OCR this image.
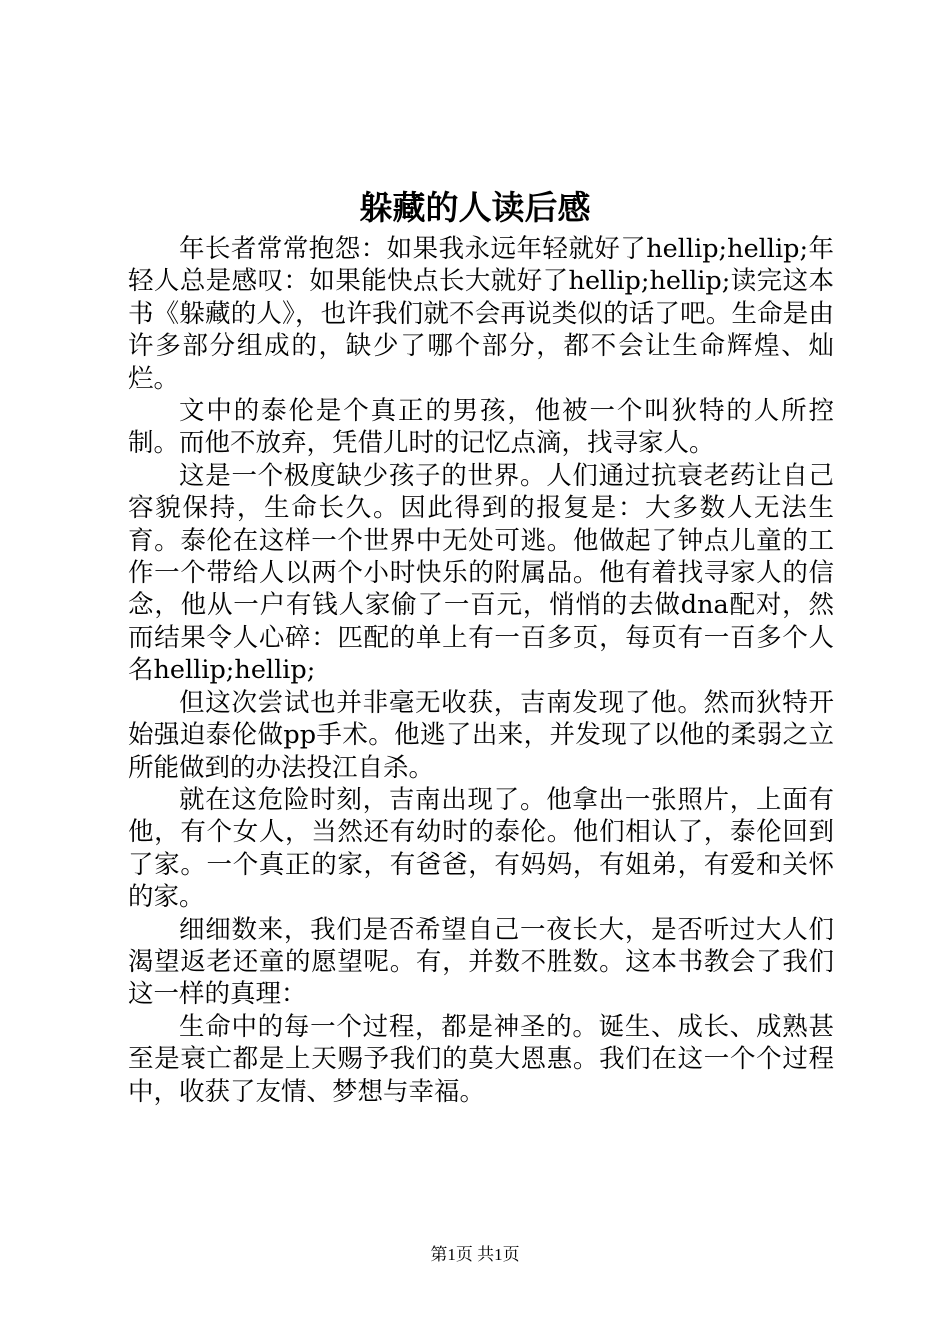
躲藏的人读后感

年长者常常抱怨：如果我永远年轻就好了hellip;hellip;年轻人总是感叹：如果能快点长大就好了hellip;hellip;读完这本书《躲藏的人》，也许我们就不会再说类似的话了吧。生命是由许多部分组成的，缺少了哪个部分，都不会让生命辉煌、灿烂。

文中的泰伦是个真正的男孩，他被一个叫狄特的人所控制。而他不放弃，凭借儿时的记忆点滴，找寻家人。

这是一个极度缺少孩子的世界。人们通过抗衰老药让自己容貌保持，生命长久。因此得到的报复是：大多数人无法生育。泰伦在这样一个世界中无处可逃。他做起了钟点儿童的工作一个带给人以两个小时快乐的附属品。他有着找寻家人的信念，他从一户有钱人家偷了一百元，悄悄的去做dna配对，然而结果令人心碎：匹配的单上有一百多页，每页有一百多个人名hellip;hellip;

但这次尝试也并非毫无收获，吉南发现了他。然而狄特开始强迫泰伦做pp手术。他逃了出来，并发现了以他的柔弱之立所能做到的办法投江自杀。

就在这危险时刻，吉南出现了。他拿出一张照片，上面有他，有个女人，当然还有幼时的泰伦。他们相认了，泰伦回到了家。一个真正的家，有爸爸，有妈妈，有姐弟，有爱和关怀的家。

细细数来，我们是否希望自己一夜长大，是否听过大人们渴望返老还童的愿望呢。有，并数不胜数。这本书教会了我们这一样的真理：

生命中的每一个过程，都是神圣的。诞生、成长、成熟甚至是衰亡都是上天赐予我们的莫大恩惠。我们在这一个个过程中，收获了友情、梦想与幸福。

第1页 共1页
